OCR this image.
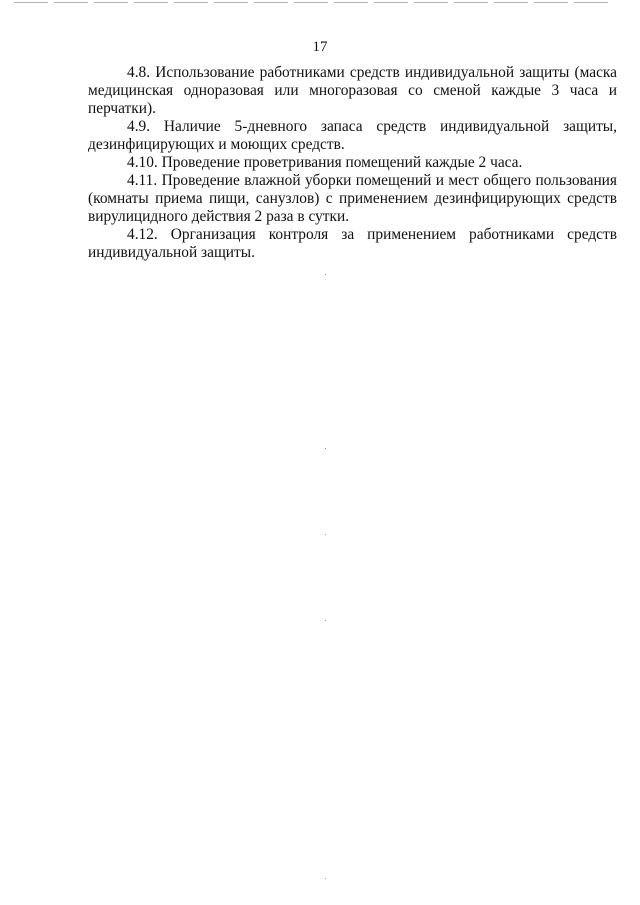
17

4.8. Использование работниками средств индивидуальной защиты (маска медицинская одноразовая или многоразовая со сменой каждые 3 часа и перчатки).

4.9. Наличие 5-дневного запаса средств индивидуальной защиты, дезинфицирующих и моющих средств.

4.10. Проведение проветривания помещений каждые 2 часа.

4.11. Проведение влажной уборки помещений и мест общего пользования (комнаты приема пищи, санузлов) с применением дезинфицирующих средств вирулицидного действия 2 раза в сутки.

4.12. Организация контроля за применением работниками средств индивидуальной защиты.
